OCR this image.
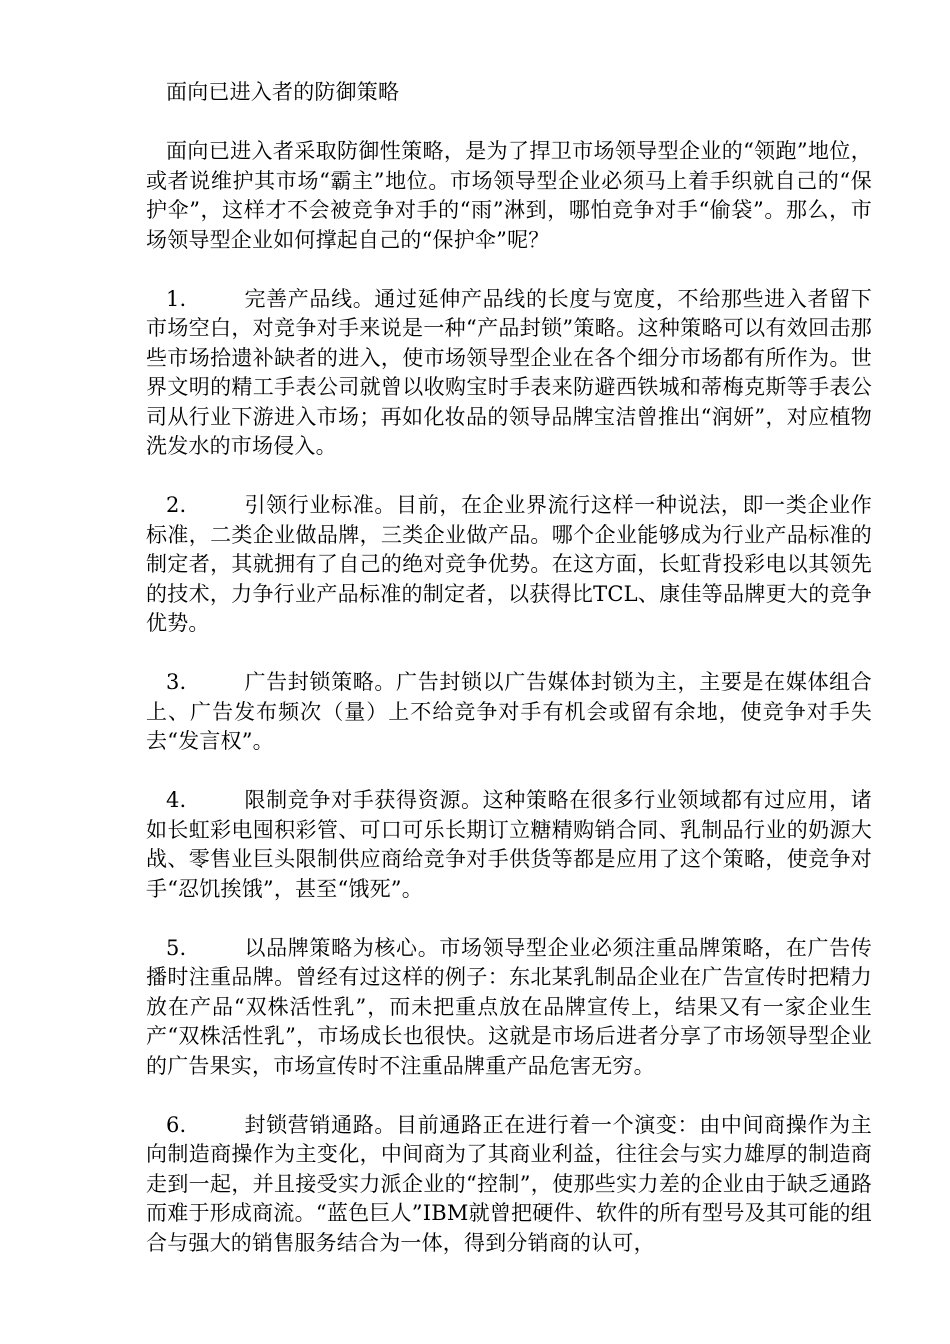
面向已进入者的防御策略

面向已进入者采取防御性策略，是为了捍卫市场领导型企业的“领跑”地位，或者说维护其市场“霸主”地位。市场领导型企业必须马上着手织就自己的“保护伞”，这样才不会被竞争对手的“雨”淋到，哪怕竞争对手“偷袋”。那么，市场领导型企业如何撑起自己的“保护伞”呢？

1.	完善产品线。通过延伸产品线的长度与宽度，不给那些进入者留下市场空白，对竞争对手来说是一种“产品封锁”策略。这种策略可以有效回击那些市场拾遗补缺者的进入，使市场领导型企业在各个细分市场都有所作为。世界文明的精工手表公司就曾以收购宝时手表来防避西铁城和蒂梅克斯等手表公司从行业下游进入市场；再如化妆品的领导品牌宝洁曾推出“润妍”，对应植物洗发水的市场侵入。

2.	引领行业标准。目前，在企业界流行这样一种说法，即一类企业作标准，二类企业做品牌，三类企业做产品。哪个企业能够成为行业产品标准的制定者，其就拥有了自己的绝对竞争优势。在这方面，长虹背投彩电以其领先的技术，力争行业产品标准的制定者，以获得比TCL、康佳等品牌更大的竞争优势。

3.	广告封锁策略。广告封锁以广告媒体封锁为主，主要是在媒体组合上、广告发布频次（量）上不给竞争对手有机会或留有余地，使竞争对手失去“发言权”。

4.	限制竞争对手获得资源。这种策略在很多行业领域都有过应用，诸如长虹彩电囤积彩管、可口可乐长期订立糖精购销合同、乳制品行业的奶源大战、零售业巨头限制供应商给竞争对手供货等都是应用了这个策略，使竞争对手“忍饥挨饿”，甚至“饿死”。

5.	以品牌策略为核心。市场领导型企业必须注重品牌策略，在广告传播时注重品牌。曾经有过这样的例子：东北某乳制品企业在广告宣传时把精力放在产品“双株活性乳”，而未把重点放在品牌宣传上，结果又有一家企业生产“双株活性乳”，市场成长也很快。这就是市场后进者分享了市场领导型企业的广告果实，市场宣传时不注重品牌重产品危害无穷。

6.	封锁营销通路。目前通路正在进行着一个演变：由中间商操作为主向制造商操作为主变化，中间商为了其商业利益，往往会与实力雄厚的制造商走到一起，并且接受实力派企业的“控制”，使那些实力差的企业由于缺乏通路而难于形成商流。“蓝色巨人”IBM就曾把硬件、软件的所有型号及其可能的组合与强大的销售服务结合为一体，得到分销商的认可，
